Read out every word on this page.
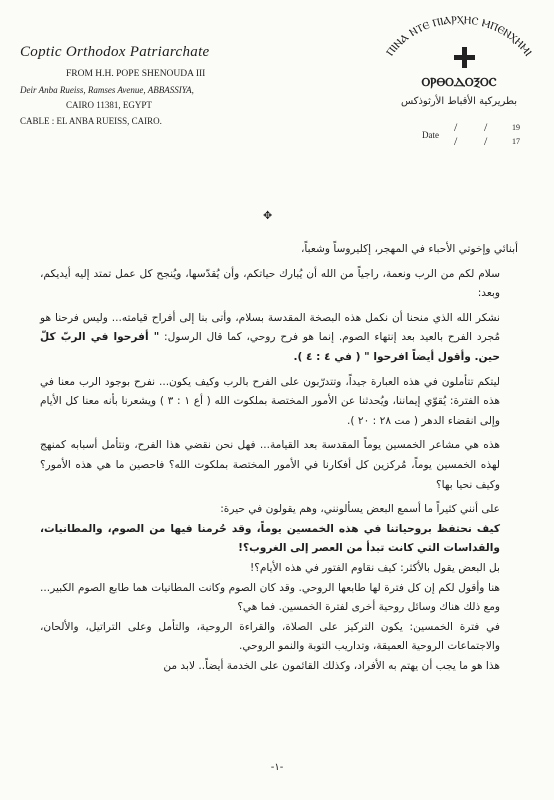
Coptic Orthodox Patriarchate
FROM H.H. POPE SHENOUDA III
Deir Anba Rueiss, Ramses Avenue, ABBASSIYA,
CAIRO 11381, EGYPT
CABLE : EL ANBA RUEISS, CAIRO.
ⲠⲒⲚⲀ ⲚⲦⲈ ⲠⲒⲀⲢⲬⲎⲤ ⲘⲠⲈⲚⲬⲎⲘⲒ
ⲞⲢⲐⲞⲆⲞⲜⲞⲤ
بطريركية الأقباط الأرثوذكس
Date
/ /	19
/ /	17
✥

أبنائي وإخوتي الأحباء في المهجر، إكليروساً وشعباً،

سلام لكم من الرب ونعمة، راجياً من الله أن يُبارك حياتكم، وأن يُقدّسها، ويُنجح كل عمل تمتد إليه أيديكم، وبعد:

نشكر الله الذي منحنا أن نكمل هذه البصخة المقدسة بسلام، وأتى بنا إلى أفراح قيامته... وليس فرحنا هو مُجرد الفرح بالعيد بعد إنتهاء الصوم. إنما هو فرح روحي، كما قال الرسول: " أفرحوا في الربّ كلّ حين. وأقول أيضاً افرحوا " ( في ٤ : ٤ ).

ليتكم تتأملون في هذه العبارة جيداً، وتتدرّبون على الفرح بالرب وكيف يكون... نفرح بوجود الرب معنا في هذه الفترة: يُقوّي إيماننا، ويُحدثنا عن الأمور المختصة بملكوت الله ( أع ١ : ٣ ) ويشعرنا بأنه معنا كل الأيام وإلى انقضاء الدهر ( مت ٢٨ : ٢٠ ).

هذه هي مشاعر الخمسين يوماً المقدسة بعد القيامة... فهل نحن نقضي هذا الفرح، ونتأمل أسبابه كمنهج لهذه الخمسين يوماً، مُركزين كل أفكارنا في الأمور المختصة بملكوت الله؟ فاحصين ما هي هذه الأمور؟ وكيف نحيا بها؟

على أنني كثيراً ما أسمع البعض يسألونني، وهم يقولون في حيرة:

كيف نحتفظ بروحياتنا في هذه الخمسين يوماً، وقد حُرمنا فيها من الصوم، والمطانيات، والقداسات التي كانت تبدأ من العصر إلى الغروب؟!

بل البعض يقول بالأكثر: كيف نقاوم الفتور في هذه الأيام؟!

هنا وأقول لكم إن كل فترة لها طابعها الروحي. وقد كان الصوم وكانت المطانيات هما طابع الصوم الكبير... ومع ذلك هناك وسائل روحية أخرى لفترة الخمسين. فما هي؟

في فترة الخمسين: يكون التركيز على الصلاة، والقراءة الروحية، والتأمل وعلى التراتيل، والألحان، والاجتماعات الروحية العميقة، وتداريب التوبة والنمو الروحي.

هذا هو ما يجب أن يهتم به الأفراد، وكذلك القائمون على الخدمة أيضاً.. لابد من

-١-
